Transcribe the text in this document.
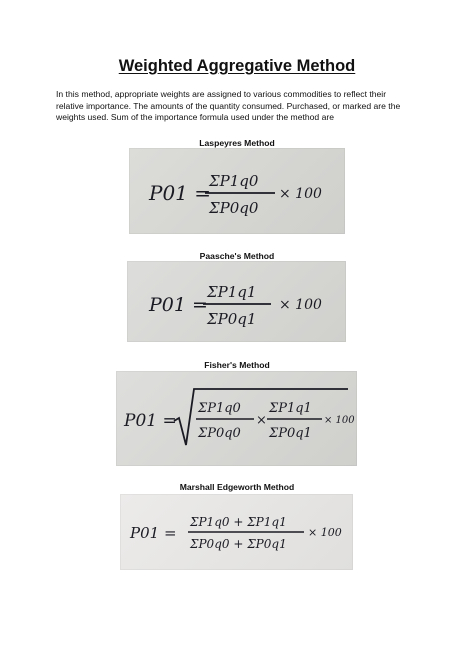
Weighted Aggregative Method
In this method, appropriate weights are assigned to various commodities to reflect their
relative importance. The amounts of the quantity consumed. Purchased, or marked are the
weights used. Sum of the importance formula used under the method are
Laspeyres Method
P01 =
ΣP1q0
ΣP0q0
× 100
Paasche's Method
P01 =
ΣP1q1
ΣP0q1
× 100
Fisher's Method
P01 =
ΣP1q0
ΣP0q0
×
ΣP1q1
ΣP0q1
× 100
Marshall Edgeworth Method
P01 =
ΣP1q0 + ΣP1q1
ΣP0q0 + ΣP0q1
× 100
